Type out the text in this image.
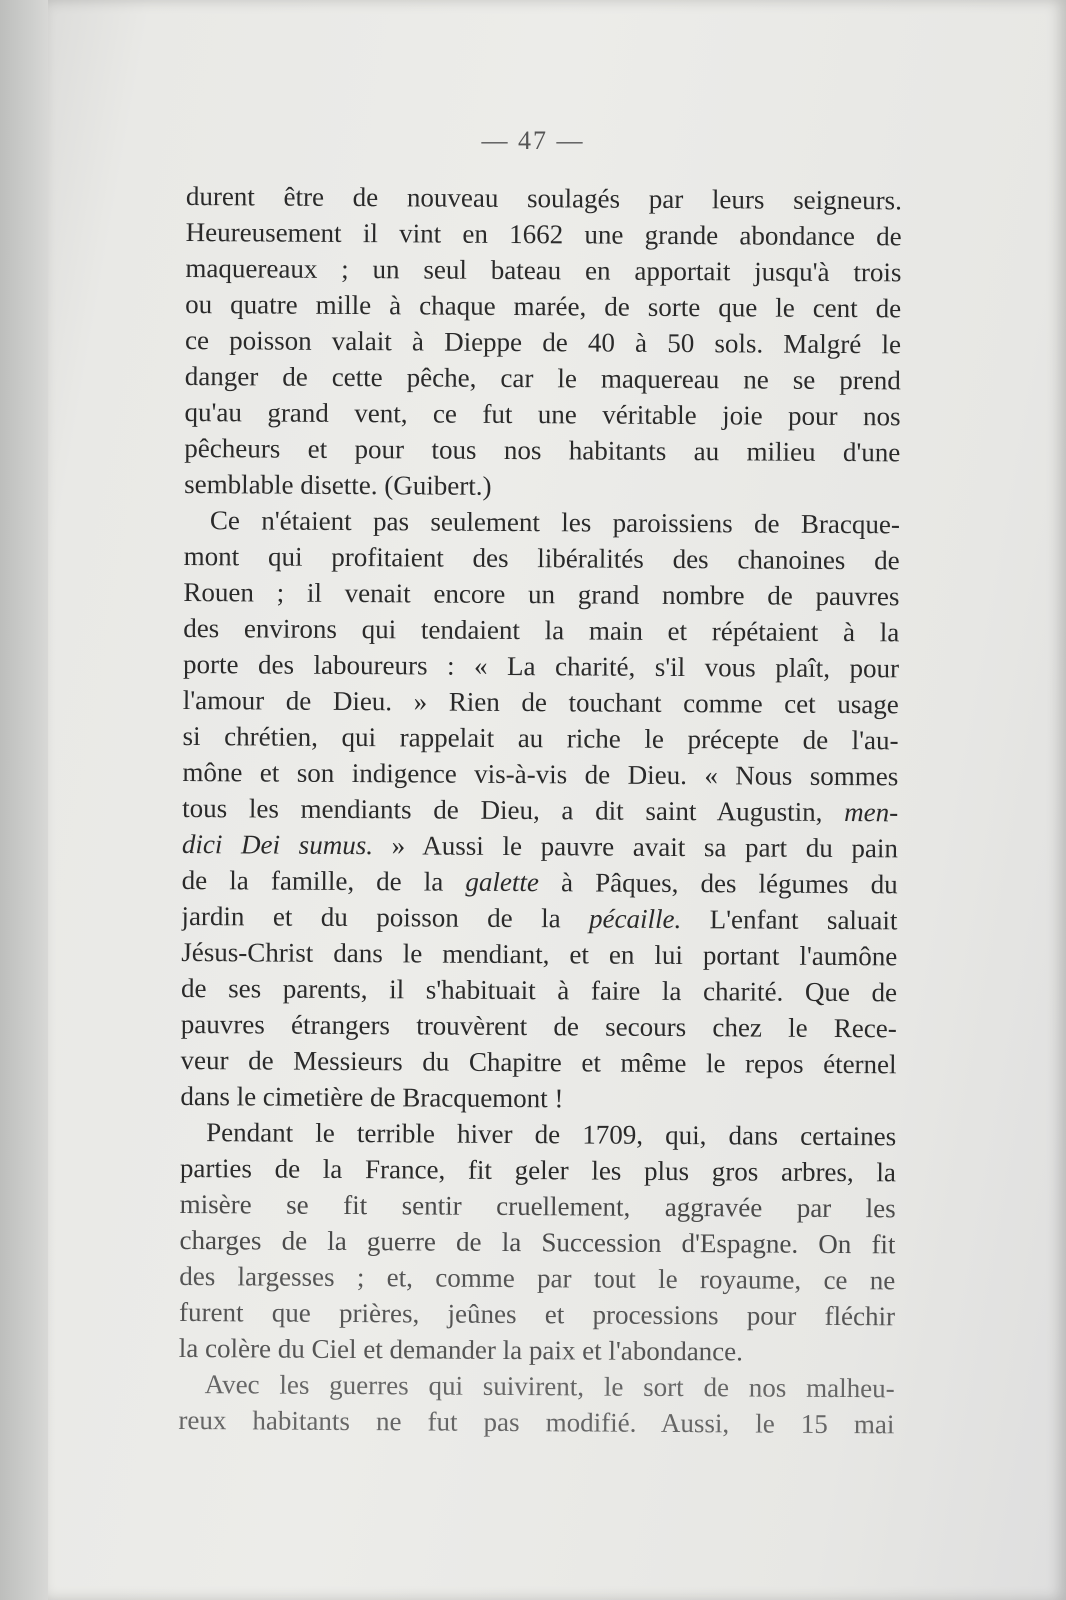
— 47 —

durent être de nouveau soulagés par leurs seigneurs.
Heureusement il vint en 1662 une grande abondance de
maquereaux ; un seul bateau en apportait jusqu'à trois
ou quatre mille à chaque marée, de sorte que le cent de
ce poisson valait à Dieppe de 40 à 50 sols. Malgré le
danger de cette pêche, car le maquereau ne se prend
qu'au grand vent, ce fut une véritable joie pour nos
pêcheurs et pour tous nos habitants au milieu d'une
semblable disette. (Guibert.)

Ce n'étaient pas seulement les paroissiens de Bracque-
mont qui profitaient des libéralités des chanoines de
Rouen ; il venait encore un grand nombre de pauvres
des environs qui tendaient la main et répétaient à la
porte des laboureurs : « La charité, s'il vous plaît, pour
l'amour de Dieu. » Rien de touchant comme cet usage
si chrétien, qui rappelait au riche le précepte de l'au-
mône et son indigence vis-à-vis de Dieu. « Nous sommes
tous les mendiants de Dieu, a dit saint Augustin, men-
dici Dei sumus. » Aussi le pauvre avait sa part du pain
de la famille, de la galette à Pâques, des légumes du
jardin et du poisson de la pécaille. L'enfant saluait
Jésus-Christ dans le mendiant, et en lui portant l'aumône
de ses parents, il s'habituait à faire la charité. Que de
pauvres étrangers trouvèrent de secours chez le Rece-
veur de Messieurs du Chapitre et même le repos éternel
dans le cimetière de Bracquemont !

Pendant le terrible hiver de 1709, qui, dans certaines
parties de la France, fit geler les plus gros arbres, la
misère se fit sentir cruellement, aggravée par les
charges de la guerre de la Succession d'Espagne. On fit
des largesses ; et, comme par tout le royaume, ce ne
furent que prières, jeûnes et processions pour fléchir
la colère du Ciel et demander la paix et l'abondance.

Avec les guerres qui suivirent, le sort de nos malheu-
reux habitants ne fut pas modifié. Aussi, le 15 mai
